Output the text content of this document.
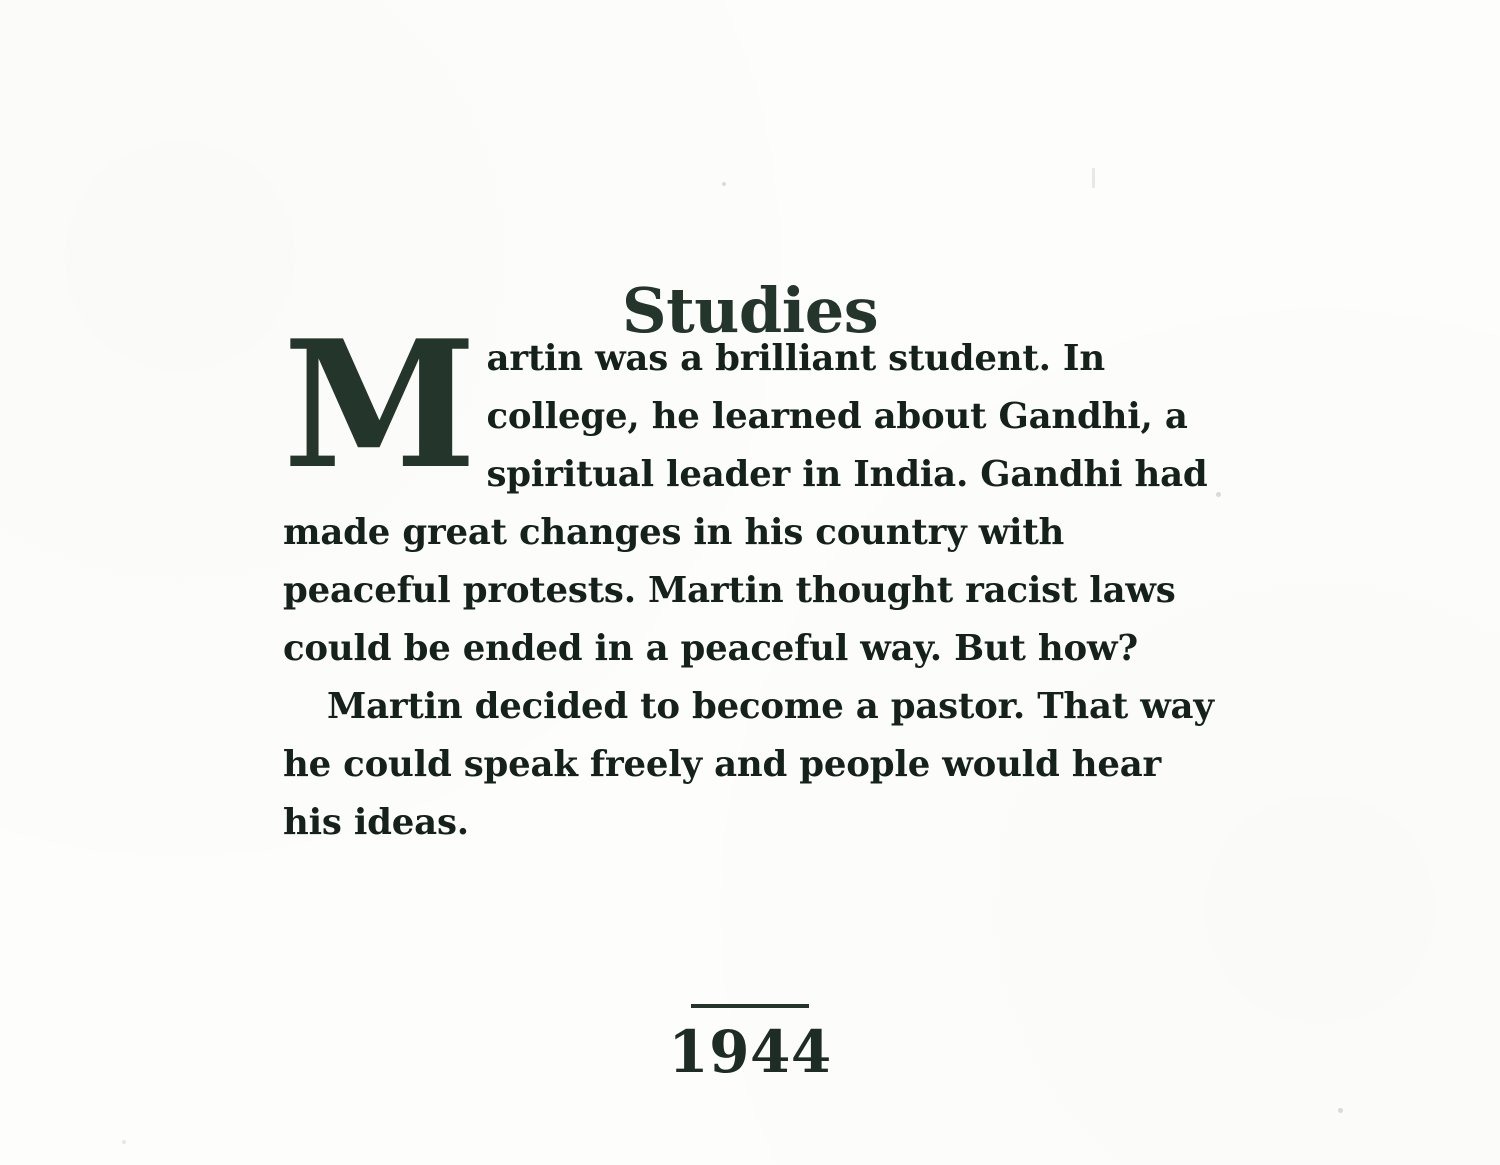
Studies

Martin was a brilliant student. In college, he learned about Gandhi, a spiritual leader in India. Gandhi had made great changes in his country with peaceful protests. Martin thought racist laws could be ended in a peaceful way. But how?

Martin decided to become a pastor. That way he could speak freely and people would hear his ideas.

1944
